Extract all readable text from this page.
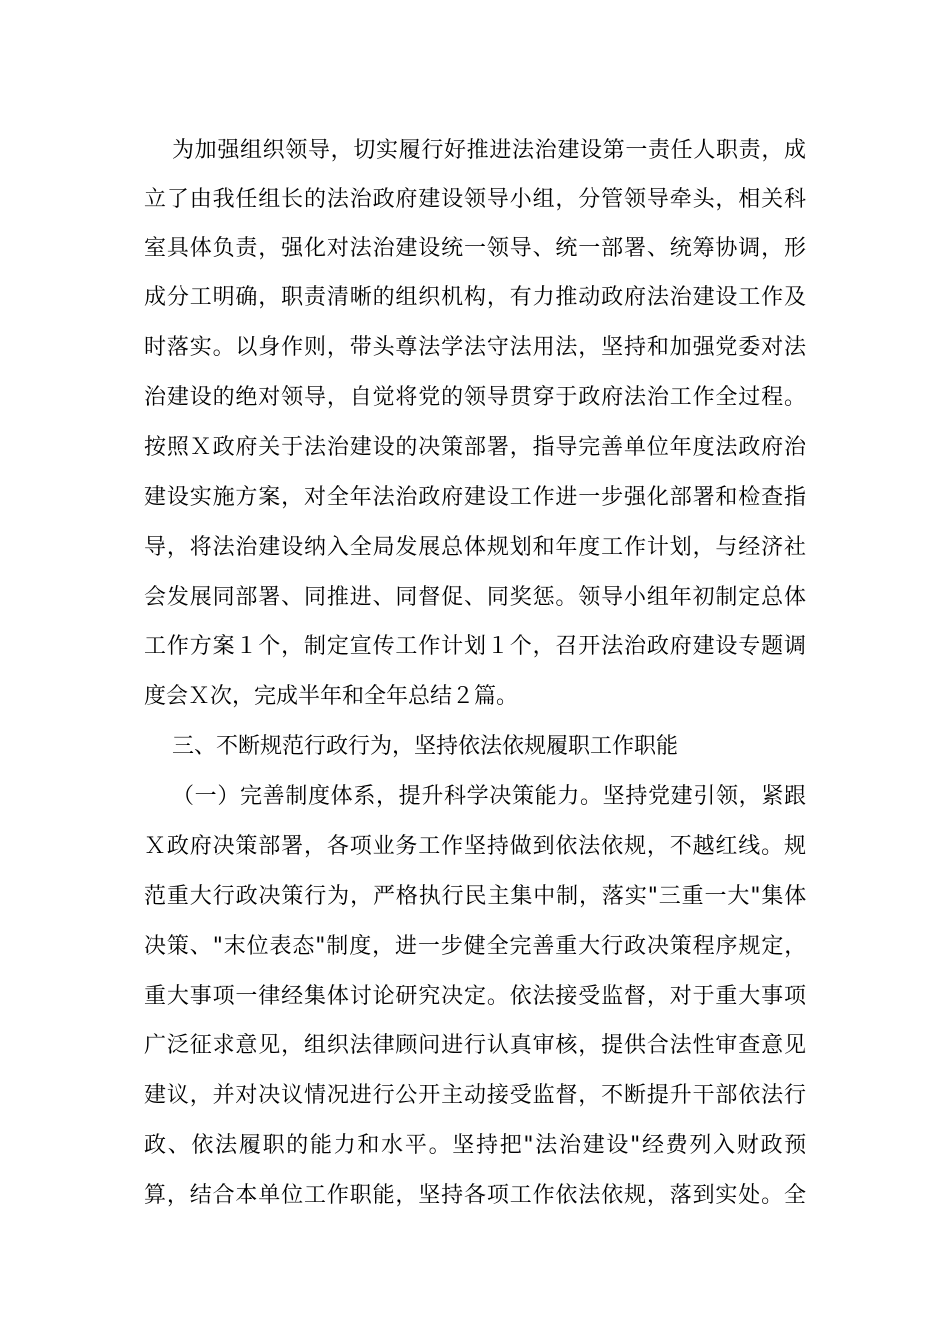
为加强组织领导，切实履行好推进法治建设第一责任人职责，成
立了由我任组长的法治政府建设领导小组，分管领导牵头，相关科
室具体负责，强化对法治建设统一领导、统一部署、统筹协调，形
成分工明确，职责清晰的组织机构，有力推动政府法治建设工作及
时落实。以身作则，带头尊法学法守法用法，坚持和加强党委对法
治建设的绝对领导，自觉将党的领导贯穿于政府法治工作全过程。
按照Ｘ政府关于法治建设的决策部署，指导完善单位年度法政府治
建设实施方案，对全年法治政府建设工作进一步强化部署和检查指
导，将法治建设纳入全局发展总体规划和年度工作计划，与经济社
会发展同部署、同推进、同督促、同奖惩。领导小组年初制定总体
工作方案１个，制定宣传工作计划１个，召开法治政府建设专题调
度会Ｘ次，完成半年和全年总结２篇。
三、不断规范行政行为，坚持依法依规履职工作职能
（一）完善制度体系，提升科学决策能力。坚持党建引领，紧跟
Ｘ政府决策部署，各项业务工作坚持做到依法依规，不越红线。规
范重大行政决策行为，严格执行民主集中制，落实"三重一大"集体
决策、"末位表态"制度，进一步健全完善重大行政决策程序规定，
重大事项一律经集体讨论研究决定。依法接受监督，对于重大事项
广泛征求意见，组织法律顾问进行认真审核，提供合法性审查意见
建议，并对决议情况进行公开主动接受监督，不断提升干部依法行
政、依法履职的能力和水平。坚持把"法治建设"经费列入财政预
算，结合本单位工作职能，坚持各项工作依法依规，落到实处。全
